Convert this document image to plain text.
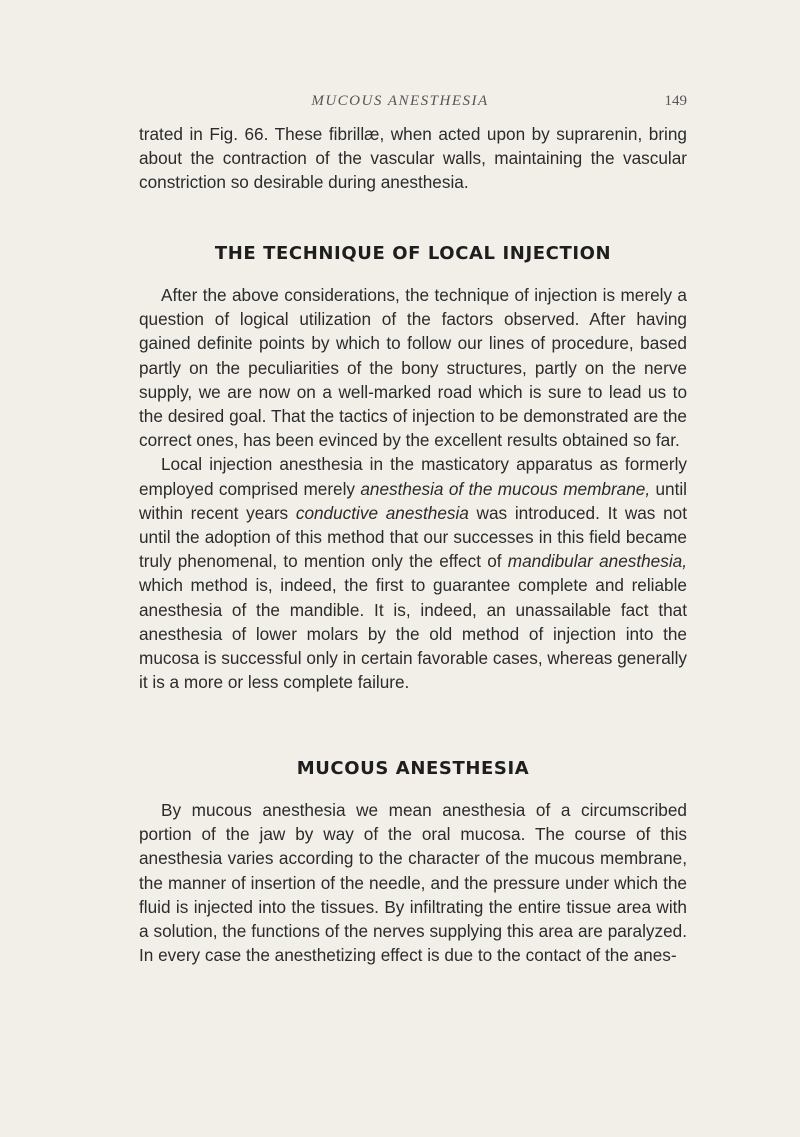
MUCOUS ANESTHESIA	149

trated in Fig. 66. These fibrillæ, when acted upon by suprarenin, bring about the contraction of the vascular walls, maintaining the vascular constriction so desirable during anesthesia.

THE TECHNIQUE OF LOCAL INJECTION

After the above considerations, the technique of injection is merely a question of logical utilization of the factors observed. After having gained definite points by which to follow our lines of procedure, based partly on the peculiarities of the bony structures, partly on the nerve supply, we are now on a well-marked road which is sure to lead us to the desired goal. That the tactics of injection to be demonstrated are the correct ones, has been evinced by the excellent results obtained so far.

Local injection anesthesia in the masticatory apparatus as formerly employed comprised merely anesthesia of the mucous membrane, until within recent years conductive anesthesia was introduced. It was not until the adoption of this method that our successes in this field became truly phenomenal, to mention only the effect of mandibular anesthesia, which method is, indeed, the first to guarantee complete and reliable anesthesia of the mandible. It is, indeed, an unassailable fact that anesthesia of lower molars by the old method of injection into the mucosa is successful only in certain favorable cases, whereas generally it is a more or less complete failure.

MUCOUS ANESTHESIA

By mucous anesthesia we mean anesthesia of a circumscribed portion of the jaw by way of the oral mucosa. The course of this anesthesia varies according to the character of the mucous membrane, the manner of insertion of the needle, and the pressure under which the fluid is injected into the tissues. By infiltrating the entire tissue area with a solution, the functions of the nerves supplying this area are paralyzed. In every case the anesthetizing effect is due to the contact of the anes-
